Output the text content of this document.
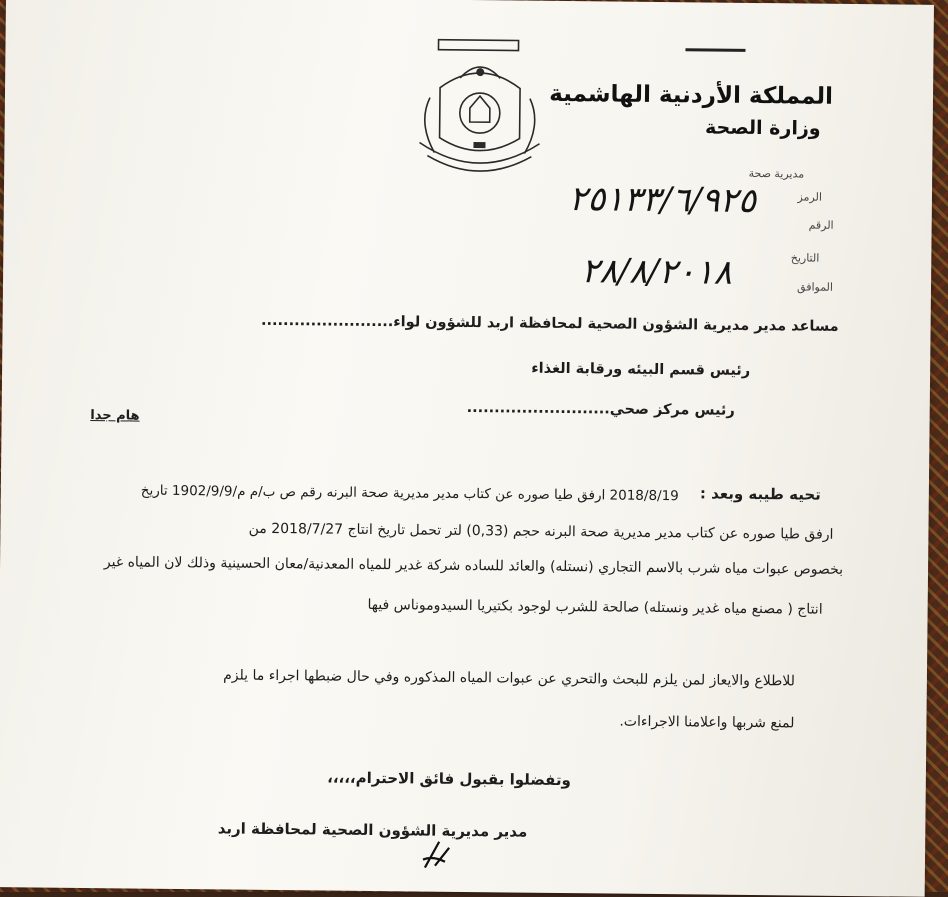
المملكة الأردنية الهاشمية
وزارة الصحة
مديرية صحة
الرمز
الرقم
التاريخ
الموافق
٢٥١٣٣/٦/٩٢٥
٢٨/٨/٢٠١٨
مساعد مدير مديرية الشؤون الصحية لمحافظة اربد للشؤون لواء........................
رئيس قسم البيئه ورقابة الغذاء
رئيس مركز صحي..........................
هام جدا
تحيه طيبه وبعد :
2018/8/19 ارفق طيا صوره عن كتاب مدير مديرية صحة البرنه رقم ص ب/م م/1902/9/9 تاريخ
ارفق طيا صوره عن كتاب مدير مديرية صحة البرنه حجم (0,33) لتر تحمل تاريخ انتاج 2018/7/27 من
بخصوص عبوات مياه شرب بالاسم التجاري (نستله) والعائد للساده شركة غدير للمياه المعدنية/معان الحسينية وذلك لان المياه غير
انتاج ( مصنع مياه غدير ونستله) صالحة للشرب لوجود بكتيريا السيدوموناس فيها
للاطلاع والايعاز لمن يلزم للبحث والتحري عن عبوات المياه المذكوره وفي حال ضبطها اجراء ما يلزم
لمنع شربها واعلامنا الاجراءات.
وتفضلوا بقبول فائق الاحترام،،،،،
مدير مديرية الشؤون الصحية لمحافظة اربد
